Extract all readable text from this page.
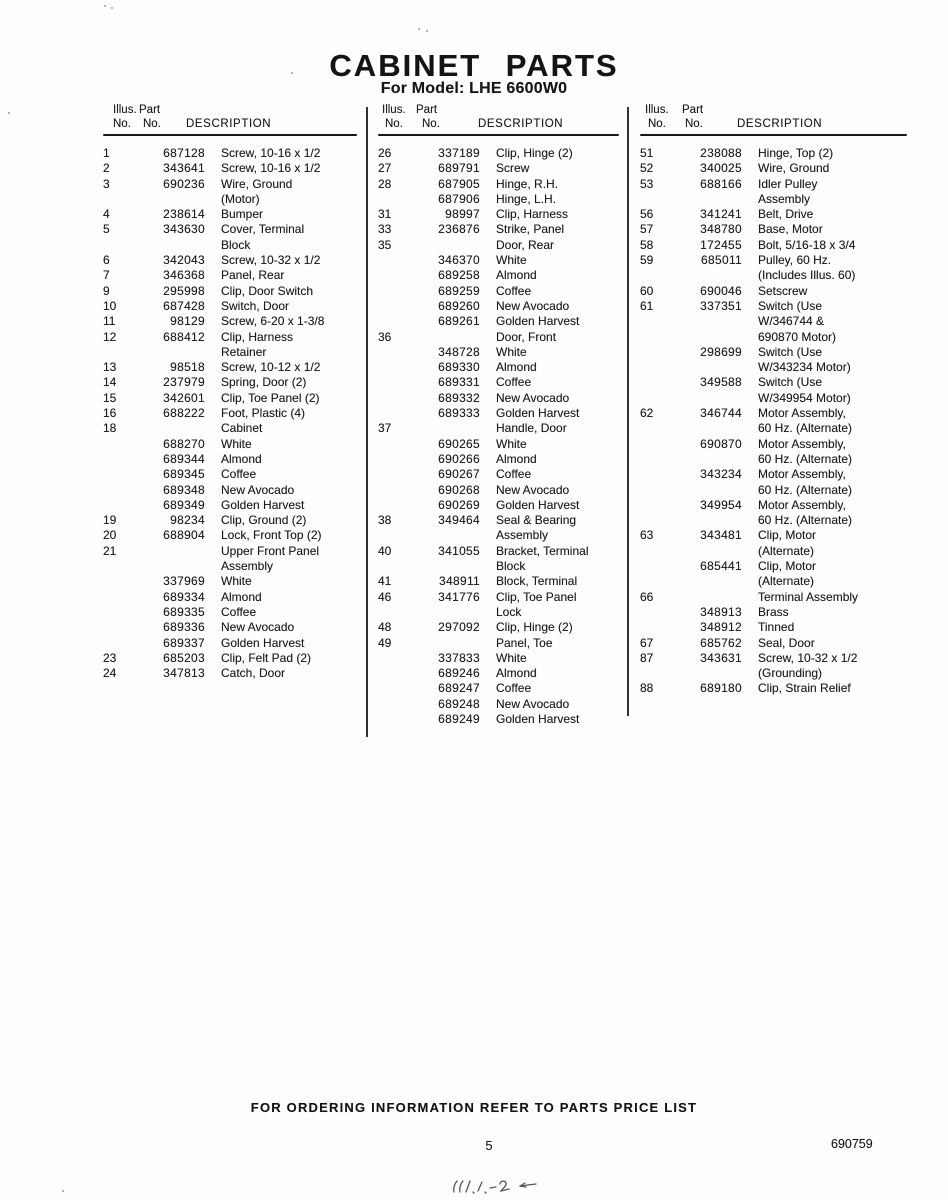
CABINET PARTS
For Model: LHE 6600W0
Illus. Part
No. No. DESCRIPTION
Illus. Part
No. No.	DESCRIPTION
Illus. Part
No. No.	DESCRIPTION
1	687128	Screw, 10-16 x 1/2
2	343641	Screw, 10-16 x 1/2
3	690236	Wire, Ground
(Motor)
4	238614	Bumper
5	343630	Cover, Terminal
Block
6	342043	Screw, 10-32 x 1/2
7	346368	Panel, Rear
9	295998	Clip, Door Switch
10	687428	Switch, Door
11	98129	Screw, 6-20 x 1-3/8
12	688412	Clip, Harness
Retainer
13	98518	Screw, 10-12 x 1/2
14	237979	Spring, Door (2)
15	342601	Clip, Toe Panel (2)
16	688222	Foot, Plastic (4)
18	Cabinet
688270	White
689344	Almond
689345	Coffee
689348	New Avocado
689349	Golden Harvest
19	98234	Clip, Ground (2)
20	688904	Lock, Front Top (2)
21	Upper Front Panel
Assembly
337969	White
689334	Almond
689335	Coffee
689336	New Avocado
689337	Golden Harvest
23	685203	Clip, Felt Pad (2)
24	347813	Catch, Door
26	337189	Clip, Hinge (2)
27	689791	Screw
28	687905	Hinge, R.H.
687906	Hinge, L.H.
31	98997	Clip, Harness
33	236876	Strike, Panel
35	Door, Rear
346370	White
689258	Almond
689259	Coffee
689260	New Avocado
689261	Golden Harvest
36	Door, Front
348728	White
689330	Almond
689331	Coffee
689332	New Avocado
689333	Golden Harvest
37	Handle, Door
690265	White
690266	Almond
690267	Coffee
690268	New Avocado
690269	Golden Harvest
38	349464	Seal & Bearing
Assembly
40	341055	Bracket, Terminal
Block
41	348911	Block, Terminal
46	341776	Clip, Toe Panel
Lock
48	297092	Clip, Hinge (2)
49	Panel, Toe
337833	White
689246	Almond
689247	Coffee
689248	New Avocado
689249	Golden Harvest
51	238088	Hinge, Top (2)
52	340025	Wire, Ground
53	688166	Idler Pulley
Assembly
56	341241	Belt, Drive
57	348780	Base, Motor
58	172455	Bolt, 5/16-18 x 3/4
59	685011	Pulley, 60 Hz.
(Includes Illus. 60)
60	690046	Setscrew
61	337351	Switch (Use
W/346744 &
690870 Motor)
298699	Switch (Use
W/343234 Motor)
349588	Switch (Use
W/349954 Motor)
62	346744	Motor Assembly,
60 Hz. (Alternate)
690870	Motor Assembly,
60 Hz. (Alternate)
343234	Motor Assembly,
60 Hz. (Alternate)
349954	Motor Assembly,
60 Hz. (Alternate)
63	343481	Clip, Motor
(Alternate)
685441	Clip, Motor
(Alternate)
66	Terminal Assembly
348913	Brass
348912	Tinned
67	685762	Seal, Door
87	343631	Screw, 10-32 x 1/2
(Grounding)
88	689180	Clip, Strain Relief
FOR ORDERING INFORMATION REFER TO PARTS PRICE LIST
5	690759
